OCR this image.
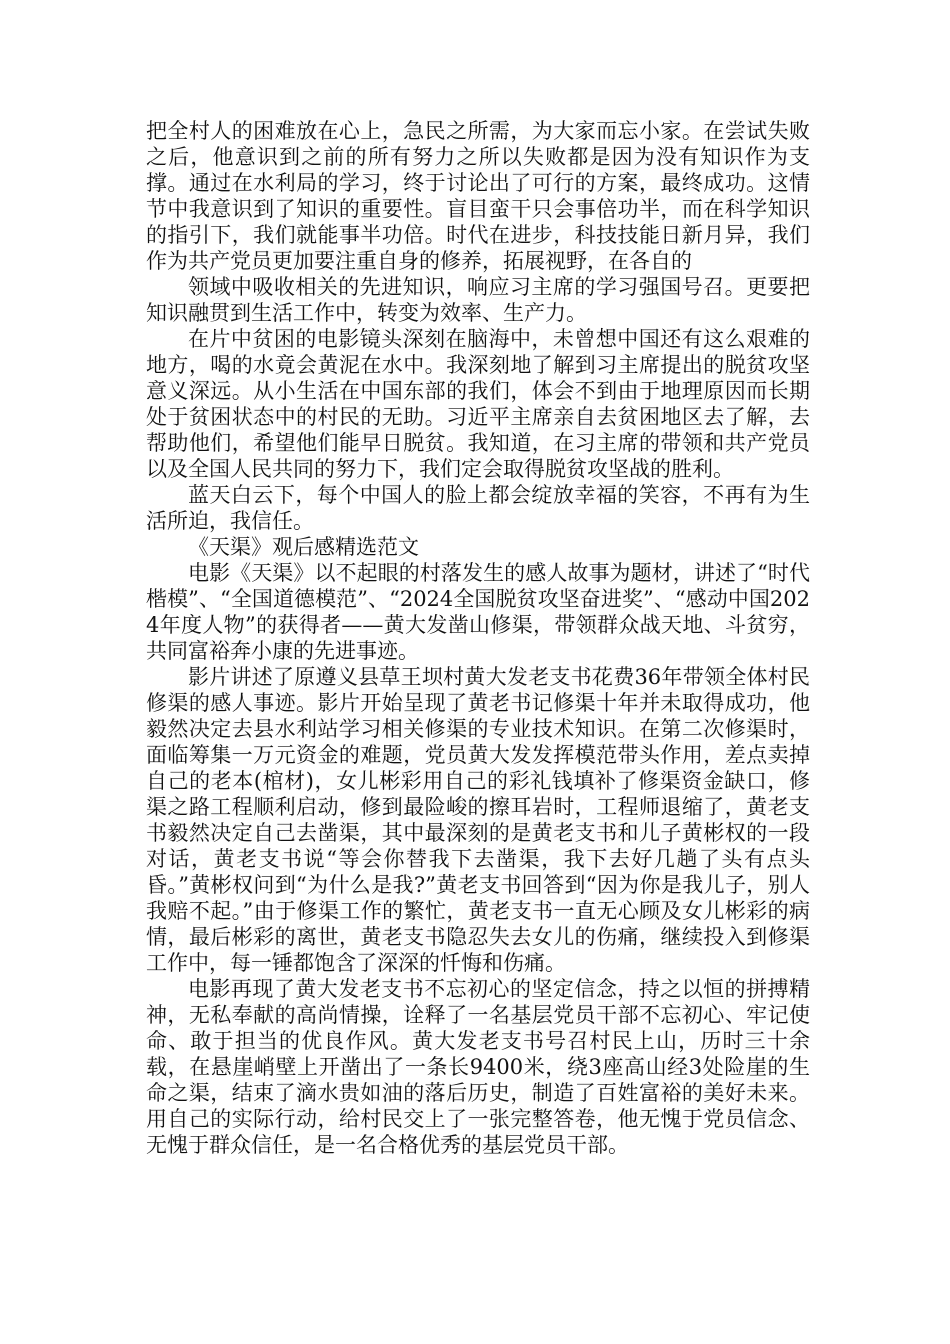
把全村人的困难放在心上，急民之所需，为大家而忘小家。在尝试失败之后，他意识到之前的所有努力之所以失败都是因为没有知识作为支撑。通过在水利局的学习，终于讨论出了可行的方案，最终成功。这情节中我意识到了知识的重要性。盲目蛮干只会事倍功半，而在科学知识的指引下，我们就能事半功倍。时代在进步，科技技能日新月异，我们作为共产党员更加要注重自身的修养，拓展视野，在各自的

领域中吸收相关的先进知识，响应习主席的学习强国号召。更要把知识融贯到生活工作中，转变为效率、生产力。

在片中贫困的电影镜头深刻在脑海中，未曾想中国还有这么艰难的地方，喝的水竟会黄泥在水中。我深刻地了解到习主席提出的脱贫攻坚意义深远。从小生活在中国东部的我们，体会不到由于地理原因而长期处于贫困状态中的村民的无助。习近平主席亲自去贫困地区去了解，去帮助他们，希望他们能早日脱贫。我知道，在习主席的带领和共产党员以及全国人民共同的努力下，我们定会取得脱贫攻坚战的胜利。

蓝天白云下，每个中国人的脸上都会绽放幸福的笑容，不再有为生活所迫，我信任。

《天渠》观后感精选范文

电影《天渠》以不起眼的村落发生的感人故事为题材，讲述了“时代楷模”、“全国道德模范”、“2024全国脱贫攻坚奋进奖”、“感动中国2024年度人物”的获得者——黄大发凿山修渠，带领群众战天地、斗贫穷，共同富裕奔小康的先进事迹。

影片讲述了原遵义县草王坝村黄大发老支书花费36年带领全体村民修渠的感人事迹。影片开始呈现了黄老书记修渠十年并未取得成功，他毅然决定去县水利站学习相关修渠的专业技术知识。在第二次修渠时，面临筹集一万元资金的难题，党员黄大发发挥模范带头作用，差点卖掉自己的老本(棺材)，女儿彬彩用自己的彩礼钱填补了修渠资金缺口，修渠之路工程顺利启动，修到最险峻的擦耳岩时，工程师退缩了，黄老支书毅然决定自己去凿渠，其中最深刻的是黄老支书和儿子黄彬权的一段对话，黄老支书说“等会你替我下去凿渠，我下去好几趟了头有点头昏。”黄彬权问到“为什么是我?”黄老支书回答到“因为你是我儿子，别人我赔不起。”由于修渠工作的繁忙，黄老支书一直无心顾及女儿彬彩的病情，最后彬彩的离世，黄老支书隐忍失去女儿的伤痛，继续投入到修渠工作中，每一锤都饱含了深深的忏悔和伤痛。

电影再现了黄大发老支书不忘初心的坚定信念，持之以恒的拼搏精神，无私奉献的高尚情操，诠释了一名基层党员干部不忘初心、牢记使命、敢于担当的优良作风。黄大发老支书号召村民上山，历时三十余载，在悬崖峭壁上开凿出了一条长9400米，绕3座高山经3处险崖的生命之渠，结束了滴水贵如油的落后历史，制造了百姓富裕的美好未来。用自己的实际行动，给村民交上了一张完整答卷，他无愧于党员信念、无愧于群众信任，是一名合格优秀的基层党员干部。
